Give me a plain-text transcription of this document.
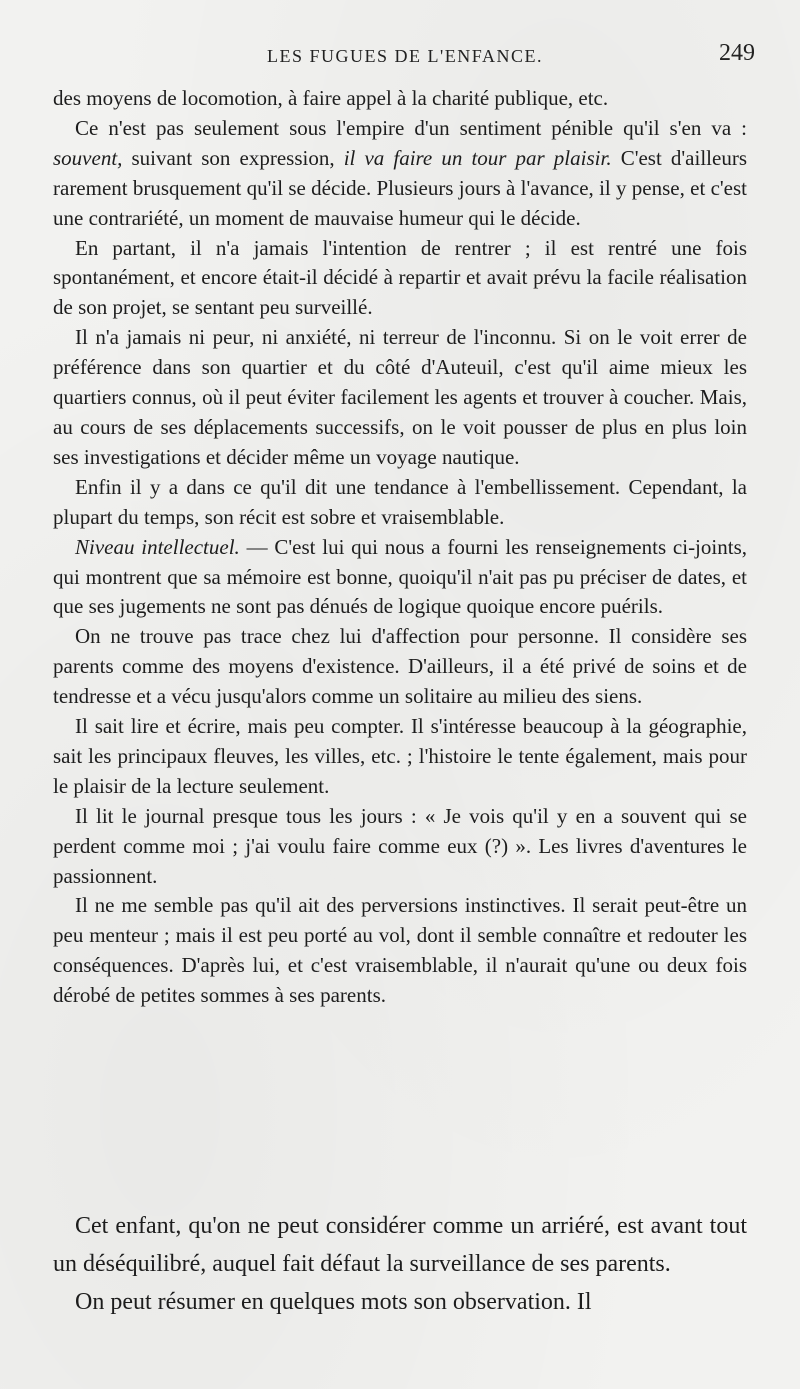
LES FUGUES DE L'ENFANCE.	249

des moyens de locomotion, à faire appel à la charité publique, etc.

Ce n'est pas seulement sous l'empire d'un sentiment pénible qu'il s'en va : souvent, suivant son expression, il va faire un tour par plaisir. C'est d'ailleurs rarement brusquement qu'il se décide. Plusieurs jours à l'avance, il y pense, et c'est une contrariété, un moment de mauvaise humeur qui le décide.

En partant, il n'a jamais l'intention de rentrer ; il est rentré une fois spontanément, et encore était-il décidé à repartir et avait prévu la facile réalisation de son projet, se sentant peu surveillé.

Il n'a jamais ni peur, ni anxiété, ni terreur de l'inconnu. Si on le voit errer de préférence dans son quartier et du côté d'Auteuil, c'est qu'il aime mieux les quartiers connus, où il peut éviter facilement les agents et trouver à coucher. Mais, au cours de ses déplacements successifs, on le voit pousser de plus en plus loin ses investigations et décider même un voyage nautique.

Enfin il y a dans ce qu'il dit une tendance à l'embellissement. Cependant, la plupart du temps, son récit est sobre et vraisemblable.

Niveau intellectuel. — C'est lui qui nous a fourni les renseignements ci-joints, qui montrent que sa mémoire est bonne, quoiqu'il n'ait pas pu préciser de dates, et que ses jugements ne sont pas dénués de logique quoique encore puérils.

On ne trouve pas trace chez lui d'affection pour personne. Il considère ses parents comme des moyens d'existence. D'ailleurs, il a été privé de soins et de tendresse et a vécu jusqu'alors comme un solitaire au milieu des siens.

Il sait lire et écrire, mais peu compter. Il s'intéresse beaucoup à la géographie, sait les principaux fleuves, les villes, etc. ; l'histoire le tente également, mais pour le plaisir de la lecture seulement.

Il lit le journal presque tous les jours : « Je vois qu'il y en a souvent qui se perdent comme moi ; j'ai voulu faire comme eux (?) ». Les livres d'aventures le passionnent.

Il ne me semble pas qu'il ait des perversions instinctives. Il serait peut-être un peu menteur ; mais il est peu porté au vol, dont il semble connaître et redouter les conséquences. D'après lui, et c'est vraisemblable, il n'aurait qu'une ou deux fois dérobé de petites sommes à ses parents.

Cet enfant, qu'on ne peut considérer comme un arriéré, est avant tout un déséquilibré, auquel fait défaut la surveillance de ses parents.

On peut résumer en quelques mots son observation. Il
